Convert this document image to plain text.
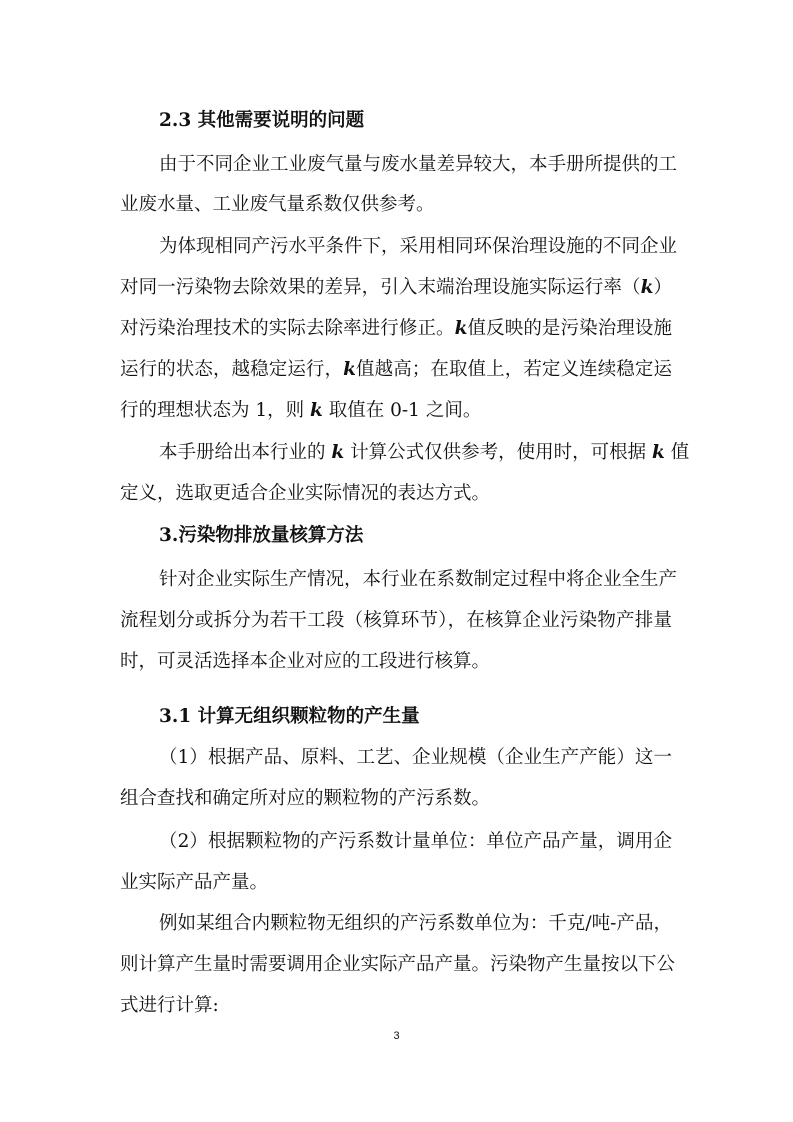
2.3 其他需要说明的问题
由于不同企业工业废气量与废水量差异较大，本手册所提供的工
业废水量、工业废气量系数仅供参考。
为体现相同产污水平条件下，采用相同环保治理设施的不同企业
对同一污染物去除效果的差异，引入末端治理设施实际运行率（k）
对污染治理技术的实际去除率进行修正。k值反映的是污染治理设施
运行的状态，越稳定运行，k值越高；在取值上，若定义连续稳定运
行的理想状态为 1，则 k 取值在 0-1 之间。
本手册给出本行业的 k 计算公式仅供参考，使用时，可根据 k 值
定义，选取更适合企业实际情况的表达方式。
3.污染物排放量核算方法
针对企业实际生产情况，本行业在系数制定过程中将企业全生产
流程划分或拆分为若干工段（核算环节），在核算企业污染物产排量
时，可灵活选择本企业对应的工段进行核算。
3.1 计算无组织颗粒物的产生量
（1）根据产品、原料、工艺、企业规模（企业生产产能）这一
组合查找和确定所对应的颗粒物的产污系数。
（2）根据颗粒物的产污系数计量单位：单位产品产量，调用企
业实际产品产量。
例如某组合内颗粒物无组织的产污系数单位为：千克/吨-产品，
则计算产生量时需要调用企业实际产品产量。污染物产生量按以下公
式进行计算:
3
